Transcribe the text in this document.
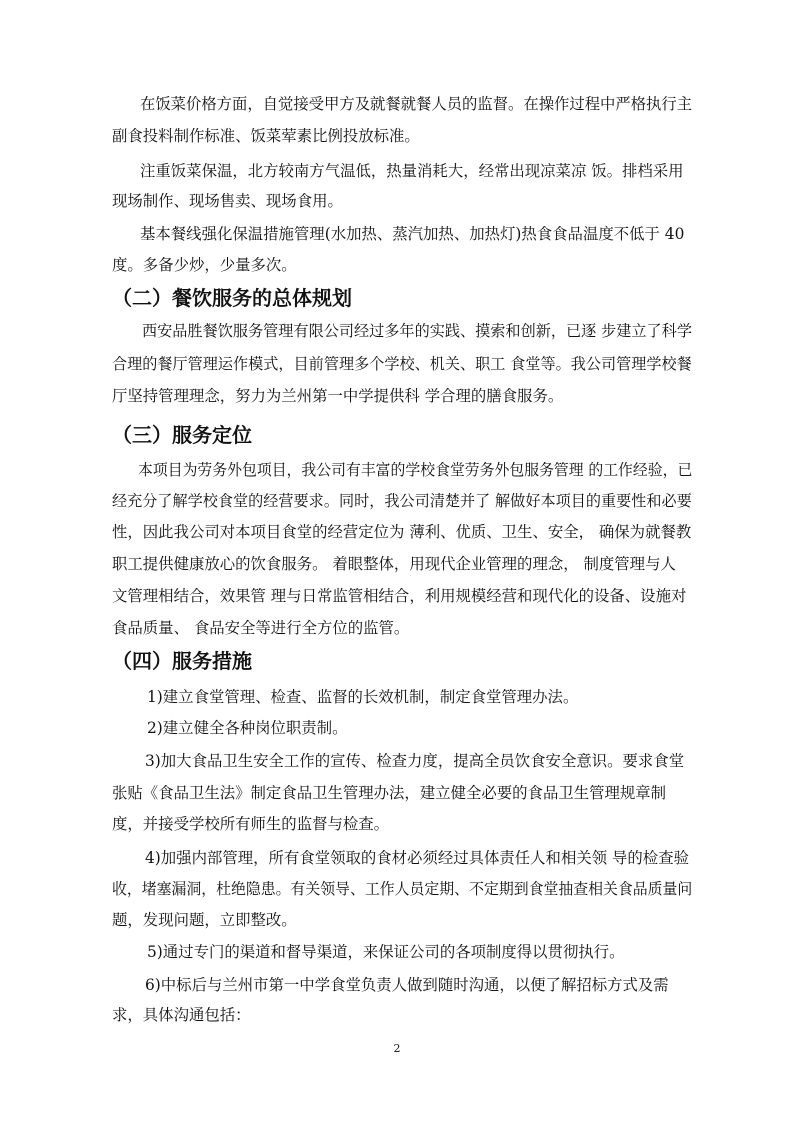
在饭菜价格方面，自觉接受甲方及就餐就餐人员的监督。在操作过程中严格执行主
副食投料制作标准、饭菜荤素比例投放标准。
注重饭菜保温，北方较南方气温低，热量消耗大，经常出现凉菜凉 饭。排档采用
现场制作、现场售卖、现场食用。
基本餐线强化保温措施管理(水加热、蒸汽加热、加热灯)热食食品温度不低于 40
度。多备少炒，少量多次。
（二）餐饮服务的总体规划
西安品胜餐饮服务管理有限公司经过多年的实践、摸索和创新，已逐 步建立了科学
合理的餐厅管理运作模式，目前管理多个学校、机关、职工 食堂等。我公司管理学校餐
厅坚持管理理念，努力为兰州第一中学提供科 学合理的膳食服务。
（三）服务定位
本项目为劳务外包项目，我公司有丰富的学校食堂劳务外包服务管理 的工作经验，已
经充分了解学校食堂的经营要求。同时，我公司清楚并了 解做好本项目的重要性和必要
性，因此我公司对本项目食堂的经营定位为 薄利、优质、卫生、安全， 确保为就餐教
职工提供健康放心的饮食服务。 着眼整体，用现代企业管理的理念， 制度管理与人
文管理相结合，效果管 理与日常监管相结合，利用规模经营和现代化的设备、设施对
食品质量、 食品安全等进行全方位的监管。
（四）服务措施
1)建立食堂管理、检查、监督的长效机制，制定食堂管理办法。
2)建立健全各种岗位职责制。
3)加大食品卫生安全工作的宣传、检查力度，提高全员饮食安全意识。要求食堂
张贴《食品卫生法》制定食品卫生管理办法，建立健全必要的食品卫生管理规章制
度，并接受学校所有师生的监督与检查。
4)加强内部管理，所有食堂领取的食材必须经过具体责任人和相关领 导的检查验
收，堵塞漏洞，杜绝隐患。有关领导、工作人员定期、不定期到食堂抽查相关食品质量问
题，发现问题，立即整改。
5)通过专门的渠道和督导渠道，来保证公司的各项制度得以贯彻执行。
6)中标后与兰州市第一中学食堂负责人做到随时沟通，以便了解招标方式及需
求，具体沟通包括：
2
